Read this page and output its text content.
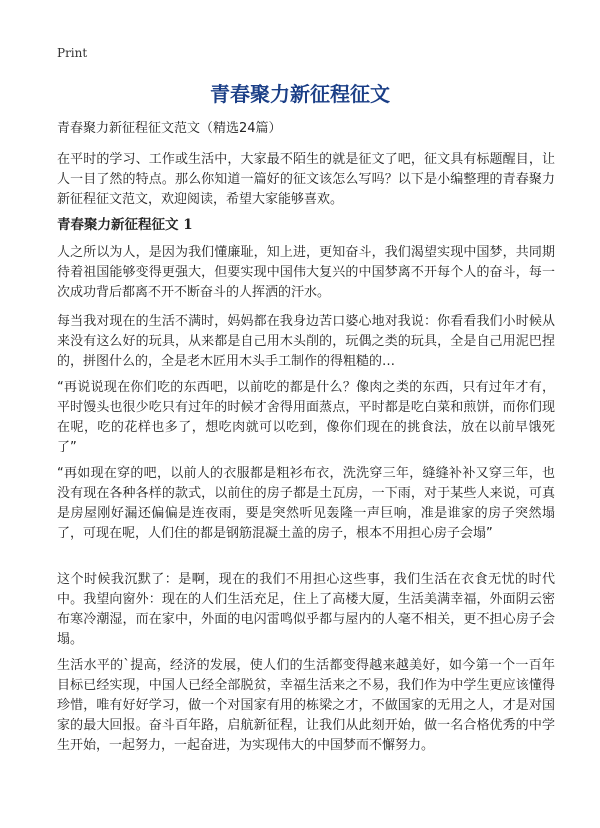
Print
青春聚力新征程征文

青春聚力新征程征文范文（精选24篇）

在平时的学习、工作或生活中，大家最不陌生的就是征文了吧，征文具有标题醒目，让人一目了然的特点。那么你知道一篇好的征文该怎么写吗？以下是小编整理的青春聚力新征程征文范文，欢迎阅读，希望大家能够喜欢。

青春聚力新征程征文 1

人之所以为人，是因为我们懂廉耻，知上进，更知奋斗，我们渴望实现中国梦，共同期待着祖国能够变得更强大，但要实现中国伟大复兴的中国梦离不开每个人的奋斗，每一次成功背后都离不开不断奋斗的人挥洒的汗水。

每当我对现在的生活不满时，妈妈都在我身边苦口婆心地对我说：你看看我们小时候从来没有这么好的玩具，从来都是自己用木头削的，玩偶之类的玩具，全是自己用泥巴捏的，拼图什么的，全是老木匠用木头手工制作的得粗糙的…

“再说说现在你们吃的东西吧，以前吃的都是什么？像肉之类的东西，只有过年才有，平时馒头也很少吃只有过年的时候才舍得用面蒸点，平时都是吃白菜和煎饼，而你们现在呢，吃的花样也多了，想吃肉就可以吃到，像你们现在的挑食法，放在以前早饿死了”

“再如现在穿的吧，以前人的衣服都是粗衫布衣，洗洗穿三年，缝缝补补又穿三年，也没有现在各种各样的款式，以前住的房子都是土瓦房，一下雨，对于某些人来说，可真是房屋刚好漏还偏偏是连夜雨，要是突然听见轰隆一声巨响，准是谁家的房子突然塌了，可现在呢，人们住的都是钢筋混凝土盖的房子，根本不用担心房子会塌”

这个时候我沉默了：是啊，现在的我们不用担心这些事，我们生活在衣食无忧的时代中。我望向窗外：现在的人们生活充足，住上了高楼大厦，生活美满幸福，外面阴云密布寒冷潮湿，而在家中，外面的电闪雷鸣似乎都与屋内的人毫不相关，更不担心房子会塌。

生活水平的`提高，经济的发展，使人们的生活都变得越来越美好，如今第一个一百年目标已经实现，中国人已经全部脱贫，幸福生活来之不易，我们作为中学生更应该懂得珍惜，唯有好好学习，做一个对国家有用的栋梁之才，不做国家的无用之人，才是对国家的最大回报。奋斗百年路，启航新征程，让我们从此刻开始，做一名合格优秀的中学生开始，一起努力，一起奋进，为实现伟大的中国梦而不懈努力。
